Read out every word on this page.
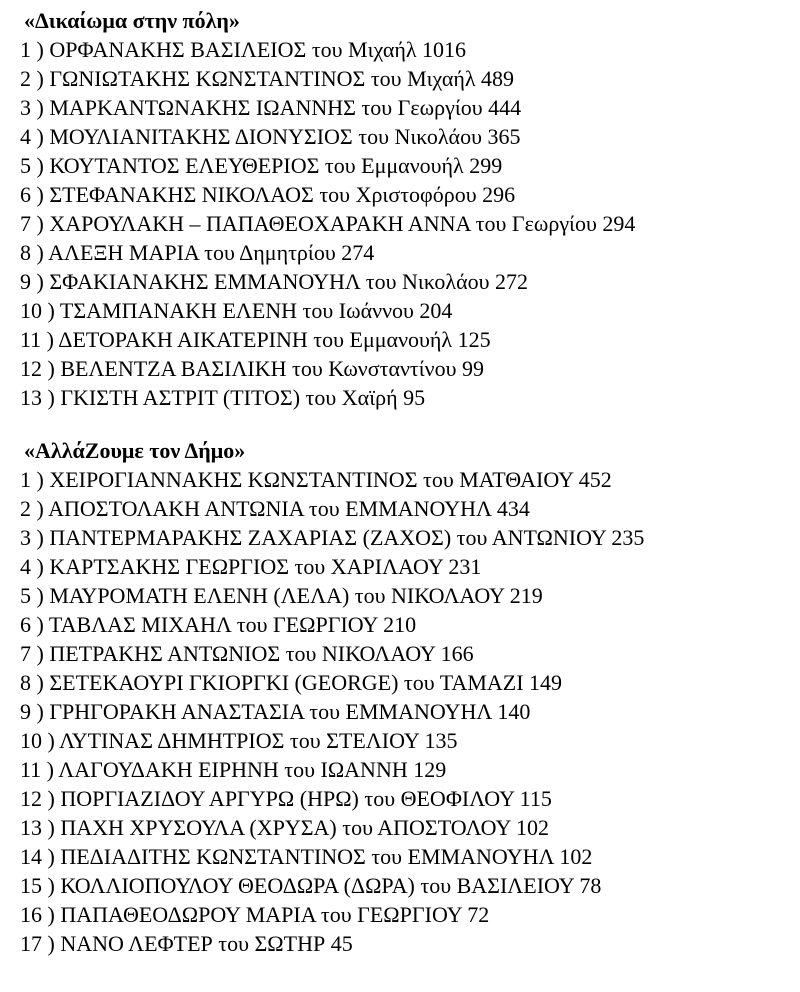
«Δικαίωμα στην πόλη»
1 ) ΟΡΦΑΝΑΚΗΣ ΒΑΣΙΛΕΙΟΣ του Μιχαήλ 1016
2 ) ΓΩΝΙΩΤΑΚΗΣ ΚΩΝΣΤΑΝΤΙΝΟΣ του Μιχαήλ 489
3 ) ΜΑΡΚΑΝΤΩΝΑΚΗΣ ΙΩΑΝΝΗΣ του Γεωργίου 444
4 ) ΜΟΥΛΙΑΝΙΤΑΚΗΣ ΔΙΟΝΥΣΙΟΣ του Νικολάου 365
5 ) ΚΟΥΤΑΝΤΟΣ ΕΛΕΥΘΕΡΙΟΣ του Εμμανουήλ 299
6 ) ΣΤΕΦΑΝΑΚΗΣ ΝΙΚΟΛΑΟΣ του Χριστοφόρου 296
7 ) ΧΑΡΟΥΛΑΚΗ – ΠΑΠΑΘΕΟΧΑΡΑΚΗ ΑΝΝΑ του Γεωργίου 294
8 ) ΑΛΕΞΗ ΜΑΡΙΑ του Δημητρίου 274
9 ) ΣΦΑΚΙΑΝΑΚΗΣ ΕΜΜΑΝΟΥΗΛ του Νικολάου 272
10 ) ΤΣΑΜΠΑΝΑΚΗ ΕΛΕΝΗ του Ιωάννου 204
11 ) ΔΕΤΟΡΑΚΗ ΑΙΚΑΤΕΡΙΝΗ του Εμμανουήλ 125
12 ) ΒΕΛΕΝΤΖΑ ΒΑΣΙΛΙΚΗ του Κωνσταντίνου 99
13 ) ΓΚΙΣΤΗ ΑΣΤΡΙΤ (ΤΙΤΟΣ) του Χαϊρή 95
«ΑλλάΖουμε τον Δήμο»
1 ) ΧΕΙΡΟΓΙΑΝΝΑΚΗΣ ΚΩΝΣΤΑΝΤΙΝΟΣ του ΜΑΤΘΑΙΟΥ 452
2 ) ΑΠΟΣΤΟΛΑΚΗ ΑΝΤΩΝΙΑ του ΕΜΜΑΝΟΥΗΛ 434
3 ) ΠΑΝΤΕΡΜΑΡΑΚΗΣ ΖΑΧΑΡΙΑΣ (ΖΑΧΟΣ) του ΑΝΤΩΝΙΟΥ 235
4 ) ΚΑΡΤΣΑΚΗΣ ΓΕΩΡΓΙΟΣ του ΧΑΡΙΛΑΟΥ 231
5 ) ΜΑΥΡΟΜΑΤΗ ΕΛΕΝΗ (ΛΕΛΑ) του ΝΙΚΟΛΑΟΥ 219
6 ) ΤΑΒΛΑΣ ΜΙΧΑΗΛ του ΓΕΩΡΓΙΟΥ 210
7 ) ΠΕΤΡΑΚΗΣ ΑΝΤΩΝΙΟΣ του ΝΙΚΟΛΑΟΥ 166
8 ) ΣΕΤΕΚΑΟΥΡΙ ΓΚΙΟΡΓΚΙ (GEORGE) του ΤΑΜΑΖΙ 149
9 ) ΓΡΗΓΟΡΑΚΗ ΑΝΑΣΤΑΣΙΑ του ΕΜΜΑΝΟΥΗΛ 140
10 ) ΛΥΤΙΝΑΣ ΔΗΜΗΤΡΙΟΣ του ΣΤΕΛΙΟΥ 135
11 ) ΛΑΓΟΥΔΑΚΗ ΕΙΡΗΝΗ του ΙΩΑΝΝΗ 129
12 ) ΠΟΡΓΙΑΖΙΔΟΥ ΑΡΓΥΡΩ (ΗΡΩ) του ΘΕΟΦΙΛΟΥ 115
13 ) ΠΑΧΗ ΧΡΥΣΟΥΛΑ (ΧΡΥΣΑ) του ΑΠΟΣΤΟΛΟΥ 102
14 ) ΠΕΔΙΑΔΙΤΗΣ ΚΩΝΣΤΑΝΤΙΝΟΣ του ΕΜΜΑΝΟΥΗΛ 102
15 ) ΚΟΛΛΙΟΠΟΥΛΟΥ ΘΕΟΔΩΡΑ (ΔΩΡΑ) του ΒΑΣΙΛΕΙΟΥ 78
16 ) ΠΑΠΑΘΕΟΔΩΡΟΥ ΜΑΡΙΑ του ΓΕΩΡΓΙΟΥ 72
17 ) ΝΑΝΟ ΛΕΦΤΕΡ του ΣΩΤΗΡ 45
